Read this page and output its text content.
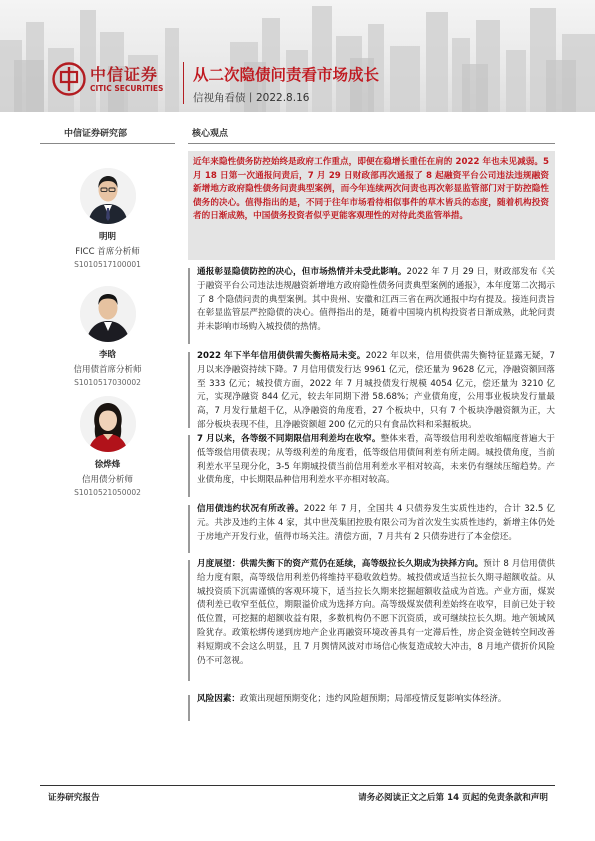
中信证券
CITIC SECURITIES
从二次隐债问责看市场成长
信视角看债丨2022.8.16
中信证券研究部	核心观点
明明
FICC 首席分析师
S1010517100001
李晗
信用债首席分析师
S1010517030002
徐烨烽
信用债分析师
S1010521050002
近年来隐性债务防控始终是政府工作重点，即便在稳增长重任在肩的 2022 年也未见减弱。5 月 18 日第一次通报问责后，7 月 29 日财政部再次通报了 8 起融资平台公司违法违规融资新增地方政府隐性债务问责典型案例，而今年连续两次问责也再次彰显监管部门对于防控隐性债务的决心。值得指出的是，不同于往年市场看待相似事件的草木皆兵的态度，随着机构投资者的日渐成熟，中国债务投资者似乎更能客观理性的对待此类监管举措。
通报彰显隐债防控的决心，但市场热情并未受此影响。2022 年 7 月 29 日，财政部发布《关于融资平台公司违法违规融资新增地方政府隐性债务问责典型案例的通报》，本年度第二次揭示了 8 个隐债问责的典型案例。其中贵州、安徽和江西三省在两次通报中均有提及。接连问责旨在彰显监管层严控隐债的决心。值得指出的是，随着中国境内机构投资者日渐成熟，此轮问责并未影响市场购入城投债的热情。
2022 年下半年信用债供需失衡格局未变。2022 年以来，信用债供需失衡特征显露无疑，7 月以来净融资持续下降。7 月信用债发行达 9961 亿元，偿还量为 9628 亿元，净融资额回落至 333 亿元；城投债方面，2022 年 7 月城投债发行规模 4054 亿元，偿还量为 3210 亿元，实现净融资 844 亿元，较去年同期下滑 58.68%；产业债角度，公用事业板块发行量最高，7 月发行量超千亿，从净融资的角度看，27 个板块中，只有 7 个板块净融资额为正，大部分板块表现不佳，且净融资额超 200 亿元的只有食品饮料和采掘板块。
7 月以来，各等级不同期限信用利差均在收窄。整体来看，高等级信用利差收缩幅度普遍大于低等级信用债表现；从等级利差的角度看，低等级信用债间利差有所走阔。城投债角度，当前利差水平呈现分化，3-5 年期城投债当前信用利差水平相对较高，未来仍有继续压缩趋势。产业债角度，中长期限品种信用利差水平亦相对较高。
信用债违约状况有所改善。2022 年 7 月，全国共 4 只债券发生实质性违约，合计 32.5 亿元。共涉及违约主体 4 家，其中世茂集团控股有限公司为首次发生实质性违约，新增主体仍处于房地产开发行业，值得市场关注。清偿方面，7 月共有 2 只债券进行了本金偿还。
月度展望：供需失衡下的资产荒仍在延续，高等级拉长久期成为抉择方向。预计 8 月信用债供给力度有限，高等级信用利差仍将维持平稳收敛趋势。城投债或适当拉长久期寻超额收益。从城投资质下沉需谨慎的客观环境下，适当拉长久期来挖掘超额收益成为首选。产业方面，煤炭债利差已收窄至低位，期限溢价成为选择方向。高等级煤炭债利差始终在收窄，目前已处于较低位置，可挖掘的超额收益有限，多数机构仍不愿下沉资质，或可继续拉长久期。地产领域风险犹存。政策松绑传递到房地产企业再融资环境改善具有一定滞后性，房企资金链转空间改善料短期或不会这么明显，且 7 月舆情风波对市场信心恢复造成较大冲击，8 月地产债折价风险仍不可忽视。
风险因素：政策出现超预期变化；违约风险超预期；局部疫情反复影响实体经济。
证券研究报告	请务必阅读正文之后第 14 页起的免责条款和声明
